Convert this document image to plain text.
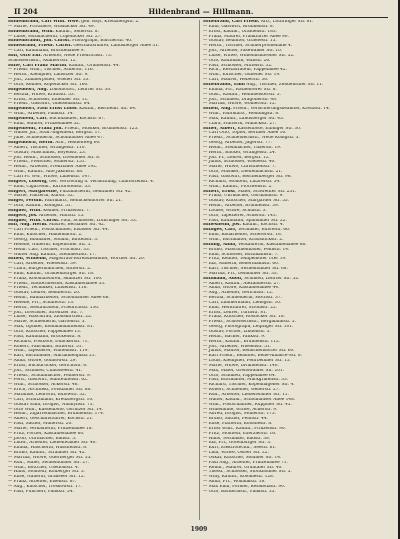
II 204	Hildenbrand — Hillmann.
Hildenbrand, Carl Wilh. Wwe. geb. Bayl, Kreuzbergstr. 2.
— Marie, Privatiere, Wilsnacker Str. 49.
Hildenbrand, Wilh. Kaufm., Seilerstr. 8.
— Luise, Hutmacherin, Cöpenicker Str. 27.
Hildenbrandt, Joh. Christ. Photograph, Blücherstr. 40.
Hildebrand, Friedr. Christ. Geschäftsführer, Landsberger Allee 31.
— Carl, Kaufmann, Brückenallee 9.
Hilf, Otto Ehr. Arbeiter, Neue Friedrichstr. 73.
Schlossermstr., Adalbertstr. 12.
Hilfe, Carl Franz Martin, Kaufm., Oranienstr. 44.
— Friedr. Wilh., Tischler, Ackerstr. 116.
— Herm., Klempner, Lausitzer Str. 9.
— Joh., Zimmerpolier, Wiener Str. 33.
— Otto, Kellner, Köpenicker Str. 160.
Hilgendorf, Aug. Lokomotivf., Lehrter Str. 30.
— Bertha, Witwe, Krautstr. 53.
— Ernst, Schlosser, Eldenaer Str. 11.
— Friedr., Gastwirt, Gneisenaustr. 84.
Hilgendorf, Paul Ernst Ludw. Kaufm., Reichenb. Str. 64.
— Wilh., Arbeiter, Pankstr. 14.
Hilgenfeld, Carl, Buchhändler, Kochstr. 67.
— Emil, Maurer, Prinzenallee 52.
Hilgenfeldt, Franz Joh. Friedr., Musiker, Brunnenstr. 125.
— Walter Jul., Stud.-Ingenieur, Bergstr. 17.
— Julie, Schneiderin, Schönhauser Allee 47.
Hilgendorff, Herm. Arb., Weidenweg 60.
— Albert, Tischler, Wrangelstr. 110.
— Gustav, Maschinist, Boyenstr. 23.
— Joh. Heinr., Schlosser, Dresdener Str. 8.
— Friedr., Fleischer, Müllerstr. 151.
— Heinr., Arbeiter, Prenzlauer Allee 192.
— Wilh., Kaufm., Alte Jakobstr. 88.
— Carl Fr. Ww., Witwe, Linienstr. 147.
Hilgers, Ludwig, Ger. Vertretung u. Vermittlung, Charlottenstr. 4.
— Emil, Cigarrenh., Kurfürstenstr. 33.
Hilgert, Margarethe, Putzmacherin, Genthiner Str. 42.
— Marie, Plätterin, Kurstr. 32.
Hilger, Ferdin. Fabrikarb., Reinickendorfer Str. 21.
— Otto, Kaufm., Königstr. 51.
Hilgner, Wilh. Kellner, Prinzenstr. 7.
Hilgers, Jos. Arbeiter, Wattstr. 15.
Hilgner, Wilh. Christ. Paul, Schlosser, Lothringer Str. 33.
Hill, Aug. Herm. Maurer, Bernauer Str. 42.
— Carl Friedr., Postschaffner, Elsasser Str. 44.
— Emil, Kutscher, Waldemarstr. 2.
— Georg, Bildhauer, Moabit, Birkenstr. 3.
— Helene, Näherin, Köpenicker Str. 5.
— Heinr. Carl, Tischler, Fruchtstr. 33.
— Walter Aug. Kaufm., Steinmetzstr. 17.
Hillen, Wilhelm, Magistrats-Bureaubeamter, Wörther Str. 20.
— Carl, Arbeiter, Wiesenstr. 39.
— Clara, Bürgermädchen, Ritterstr. 2.
— Emil, Kaufm., Oranienburger Str. 18.
— Franz, Kolonialwaren, Skalitzer Str. 100.
— Friedr., Bäckermeister, Kastanienallee 33.
— Friedr., Techniker, Lindenstr. 116.
— Gustav, Lehrer, Bendlerstr. 20.
— Heinr., Bahnarbeiter, Schönhauser Allee 66.
— Helene, Frl., Schäferstr. 13.
— Herm., Restaurateur, Friedrichstr. 130.
— Joh., Drechsler, Strelitzer Str. 7.
— Luise, Waschfrau, Zionskirchstr. 25.
— Marie, Schneiderin, Gartenstr. 5.
— Max, Optiker, Kommandantenstr. 81.
— Otto, Kutscher, Pappelallee 13.
— Paul, Kaufmann, Brückenstr. 8.
— Richard, Postbote, Dunckerstr. 71.
— Robert, Fabrikant, Ritterstr. 51.
— Wilh., Tapezierer, Wilhelmstr. 119.
— Karl, Buchbinder, Mariannenplatz 21.
— Anna, Witwe, Gollnowstr. 29.
— Ernst, Buchdrucker, Gerichtstr. 6.
— Joh., Schmied, Chausseestr. 41.
— Friedr., Schuhmacher, Feilnerstr. 9.
— Ferd., Gastwirt, Manteuffelstr. 62.
— Wilh., Schlosser, Ackerstr. 46.
— Erich, Architekt, Potsdamer Str. 88.
— Mathilde, Lehrerin, Bülowstr. 52.
— Carl, Schutzmann, Kreuzbergstr. 10.
— Gustav Emil, Drogist, Naunynstr. 73.
— Otto Wilh., Kassenbote, Görlitzer Str. 14.
— Heinr., Zigarrenmacher, Brunnenstr. 174.
— Albert, Geschäftsführer, Kochstr. 21.
— Paul, Sattler, Müllerstr. 20.
— Marie, Verkäuferin, Prinzenallee 18.
— Fritz, Portier, Kastanienallee 60.
— Jacob, Uhrmacher, Badstr. 5.
— Ludw., Arbeiter, Liebenwalder Str. 40.
— Emma, Wäscherin, Hussitenstr. 8.
— Bruno, Kaufm., Stralauer Str. 42.
— Martha, Witwe, Oderberger Str. 55.
— Rud., Maler, Swinemünder Str. 27.
— Wilh., Böttcher, Usedomstr. 4.
— Hans, Monteur, Kolberger Str. 3.
— Elise, Näherin, Granseer Str. 12.
— Franz, Arbeiter, Elsenstr. 87.
— Aug., Kutscher, Treskowstr. 17.
— Paul, Fuhrherr, Pankstr. 54.
Hillebrand, Carl Friedr. Arb., Lothringer Str. 81.
— Emil, Gastwirt, Brunnenstr. 8.
— Ernst, Kaufm., Oranienstr. 183.
— Franz, Maurer, Frankfurter Allee 90.
— Gustav, Beamter, Graefestr. 15.
— Herm., Tischler, Schillerpromenade 4.
— Joh., Arbeiter, Pasewalker Str. 10.
— Luise, Witwe, Wilhelmshavener Str. 52.
— Otto, Kaufmann, Wallstr. 26.
— Paul, Schlosser, Mittelstr. 32.
— Rich., Restaurateur, Pappelallee 42.
— Wilh., Kutscher, Gubener Str. 19.
— Carl, Maurer, Weberstr. 36.
Hillebrandt, Emil Aug., Tischler, Zehdenicker Str. 11.
— Emma, Frl., Rathenower Str. 8.
— Gust., Kaufm., Weinmeisterstr. 5.
— Joh., Schmied, Dragonerstr. 48.
— Martha, Witwe, Wöhlertstr. 12.
Hillen, Aug. Friedr., Versicherungsbeamter, Kreuzstr. 14.
— Wilh., Fabrikarb., Weddingstr. 8.
— Max, Kaufm., Landsberger Str. 45.
— Clara, Plätterin, Mulackstr. 27.
Hiller, Albert, Kassenbote, Elbinger Str. 30.
— Carl Otto, Töpfer, Berliner Allee 16.
— Friedr., Schneidermstr., Neue Königstr. 3.
— Georg, Arbeiter, Jägerstr. 77.
— Heinr., Stellmacher, Thaerstr. 19.
— Herm., Bäcker, Wrangelstr. 24.
— Joh. Fr., Lehrer, Bergstr. 12.
— Julius, Schlosser, Wiebestr. 40.
— Marie, Witwe, Christinenstr. 7.
— Otto, Musiker, Dieffenbachstr. 21.
— Paul, Gastwirt, Reichenberger Str. 96.
— Richard, Monteur, Lützowstr. 34.
— Wilh., Kaufm., Flottwellstr. 2.
Hillert, Ernst, Maler, Schwedter Str. 251.
— Franz, Uhrmacher, Gormannstr. 9.
— Gustav, Kutscher, Stargarder Str. 55.
— Heinr., Arbeiter, Brunnenstr. 39.
— Louise, Witwe, Schulstr. 3.
— Otto, Tapezierer, Ackerstr. 143.
— Paul, Kaufmann, Spandauer Str. 22.
Hillesheim, Jos. Kaufm., Kochstr. 4.
Hilliges, Carl, Techniker, Bülowstr. 66.
— Emil, Bauarbeiter, Schererstr. 18.
— Wilh., Buchhalter, Krausnickstr. 2.
Hilling, Anna, Verkäuferin, Kastanienallee 86.
— Bruno, Maschinenbauer, Fennstr. 14.
— Emil, Schlosser, Buttmannstr. 7.
— Fritz, Kellner, Tempelhofer Ufer 19.
— Ida, Näherin, Bellermannstr. 60.
— Karl, Tischler, Swinemünder Str. 68.
— Martha, Frl., Demminer Str. 33.
Hillmann, Adolf, Schmied, Lehrter Str. 52.
— Albert, Kaufm., Alexanderstr. 27.
— Anna, Witwe, Kastanienallee 44.
— Aug., Arbeiter, Gerichtstr. 12.
— Bertha, Schneiderin, Hochstr. 37.
— Carl, Zimmermann, Liebigstr. 10.
— Emil, Werkführer, Stromstr. 22.
— Ernst, Lehrer, Turmstr. 81.
— Franz, Kutscher, Rostocker Str. 18.
— Friedr., Schlossermstr., Bergmannstr. 5.
— Georg, Photograph, Leipziger Str. 101.
— Gustav, Portier, Lindenstr. 3.
— Heinr., Bäcker, Pankstr. 9.
— Herm., Kaufm., Brunnenstr. 112.
— Joh., Arbeiter, Wiesenstr. 51.
— Julius, Maurer, Reinickendorfer Str. 60.
— Karl Friedr., Beamter, Belle-Alliance-Str. 8.
— Louis, Klempner, Fehrbelliner Str. 15.
— Marie, Witwe, Invalidenstr. 140.
— Max, Maler, Greifswalder Str. 201.
— Otto, Schmied, Pappelallee 64.
— Paul, Buchhalter, Markgrafenstr. 33.
— Richard, Tischler, Kopenhagener Str. 4.
— Robert, Schneider, Weberstr. 27.
— Rud., Arbeiter, Liebenwalder Str. 11.
— Walter, Kaufm., Schönhauser Allee 148.
— Wilh., Postschaffner, Ruppiner Str. 45.
— Wilhelmine, Witwe, Ackerstr. 9.
— Alfred, Drogist, Müllerstr. 173.
— Bruno, Sattler, Fennstr. 44.
— Elise, Plätterin, Koloniestr. 8.
— Ernst Wilh., Kaufm., Prinzenstr. 90.
— Fritz, Monteur, Exerzierstr. 16.
— Hans, Techniker, Badstr. 38.
— Ida, Frl., Gotenburger Str. 3.
— Kurt, Elektrotechn., Seestr. 61.
— Lina, Witwe, Osloer Str. 22.
— Oskar, Kutscher, Soldiner Str. 14.
— Paul Aug., Arbeiter, Prinzenallee 71.
— Reinh., Maurer, Grüntaler Str. 40.
— Theod., Schlosser, Stockholmer Str. 5.
— Willy, Kaufm., Koloniestr. 128.
— Anna, Frl., Wollankstr. 18.
— Max Emil, Former, Residenzstr. 90.
— Otto, Bäckermstr., Pankstr. 33.
1909
